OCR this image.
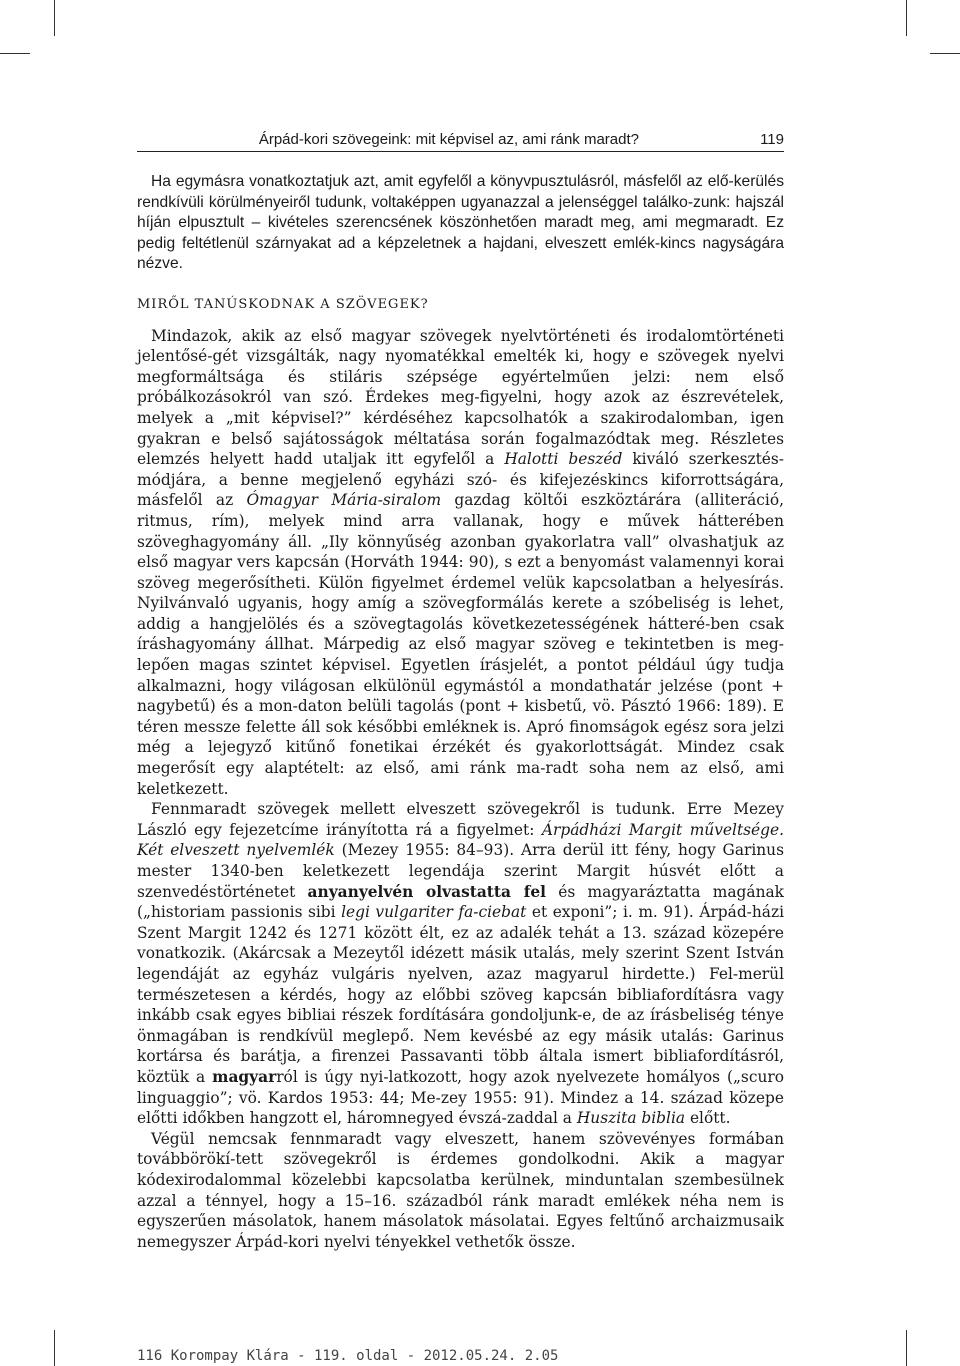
Árpád-kori szövegeink: mit képvisel az, ami ránk maradt?	119

Ha egymásra vonatkoztatjuk azt, amit egyfelől a könyvpusztulásról, másfelől az elő-kerülés rendkívüli körülményeiről tudunk, voltaképpen ugyanazzal a jelenséggel találko-zunk: hajszál híján elpusztult – kivételes szerencsének köszönhetően maradt meg, ami megmaradt. Ez pedig feltétlenül szárnyakat ad a képzeletnek a hajdani, elveszett emlék-kincs nagyságára nézve.

MIRŐL TANÚSKODNAK A SZÖVEGEK?

Mindazok, akik az első magyar szövegek nyelvtörténeti és irodalomtörténeti jelentősé-gét vizsgálták, nagy nyomatékkal emelték ki, hogy e szövegek nyelvi megformáltsága és stiláris szépsége egyértelműen jelzi: nem első próbálkozásokról van szó. Érdekes meg-figyelni, hogy azok az észrevételek, melyek a „mit képvisel?” kérdéséhez kapcsolhatók a szakirodalomban, igen gyakran e belső sajátosságok méltatása során fogalmazódtak meg. Részletes elemzés helyett hadd utaljak itt egyfelől a Halotti beszéd kiváló szerkesztés-módjára, a benne megjelenő egyházi szó- és kifejezéskincs kiforrottságára, másfelől az Ómagyar Mária-siralom gazdag költői eszköztárára (alliteráció, ritmus, rím), melyek mind arra vallanak, hogy e művek hátterében szöveghagyomány áll. „Ily könnyűség azonban gyakorlatra vall” olvashatjuk az első magyar vers kapcsán (Horváth 1944: 90), s ezt a benyomást valamennyi korai szöveg megerősítheti. Külön figyelmet érdemel velük kapcsolatban a helyesírás. Nyilvánvaló ugyanis, hogy amíg a szövegformálás kerete a szóbeliség is lehet, addig a hangjelölés és a szövegtagolás következetességének hátteré-ben csak íráshagyomány állhat. Márpedig az első magyar szöveg e tekintetben is meg-lepően magas szintet képvisel. Egyetlen írásjelét, a pontot például úgy tudja alkalmazni, hogy világosan elkülönül egymástól a mondathatár jelzése (pont + nagybetű) és a mon-daton belüli tagolás (pont + kisbetű, vö. Pásztó 1966: 189). E téren messze felette áll sok későbbi emléknek is. Apró finomságok egész sora jelzi még a lejegyző kitűnő fonetikai érzékét és gyakorlottságát. Mindez csak megerősít egy alaptételt: az első, ami ránk ma-radt soha nem az első, ami keletkezett.

Fennmaradt szövegek mellett elveszett szövegekről is tudunk. Erre Mezey László egy fejezetcíme irányította rá a figyelmet: Árpádházi Margit műveltsége. Két elveszett nyelvemlék (Mezey 1955: 84–93). Arra derül itt fény, hogy Garinus mester 1340-ben keletkezett legendája szerint Margit húsvét előtt a szenvedéstörténetet anyanyelvén olvastatta fel és magyaráztatta magának („historiam passionis sibi legi vulgariter fa-ciebat et exponi”; i. m. 91). Árpád-házi Szent Margit 1242 és 1271 között élt, ez az adalék tehát a 13. század közepére vonatkozik. (Akárcsak a Mezeytől idézett másik utalás, mely szerint Szent István legendáját az egyház vulgáris nyelven, azaz magyarul hirdette.) Fel-merül természetesen a kérdés, hogy az előbbi szöveg kapcsán bibliafordításra vagy inkább csak egyes bibliai részek fordítására gondoljunk-e, de az írásbeliség ténye önmagában is rendkívül meglepő. Nem kevésbé az egy másik utalás: Garinus kortársa és barátja, a firenzei Passavanti több általa ismert bibliafordításról, köztük a magyarról is úgy nyi-latkozott, hogy azok nyelvezete homályos („scuro linguaggio”; vö. Kardos 1953: 44; Me-zey 1955: 91). Mindez a 14. század közepe előtti időkben hangzott el, háromnegyed évszá-zaddal a Huszita biblia előtt.

Végül nemcsak fennmaradt vagy elveszett, hanem szövevényes formában továbbörökí-tett szövegekről is érdemes gondolkodni. Akik a magyar kódexirodalommal közelebbi kapcsolatba kerülnek, minduntalan szembesülnek azzal a ténnyel, hogy a 15–16. századból ránk maradt emlékek néha nem is egyszerűen másolatok, hanem másolatok másolatai. Egyes feltűnő archaizmusaik nemegyszer Árpád-kori nyelvi tényekkel vethetők össze.

116 Korompay Klára - 119. oldal - 2012.05.24. 2.05
